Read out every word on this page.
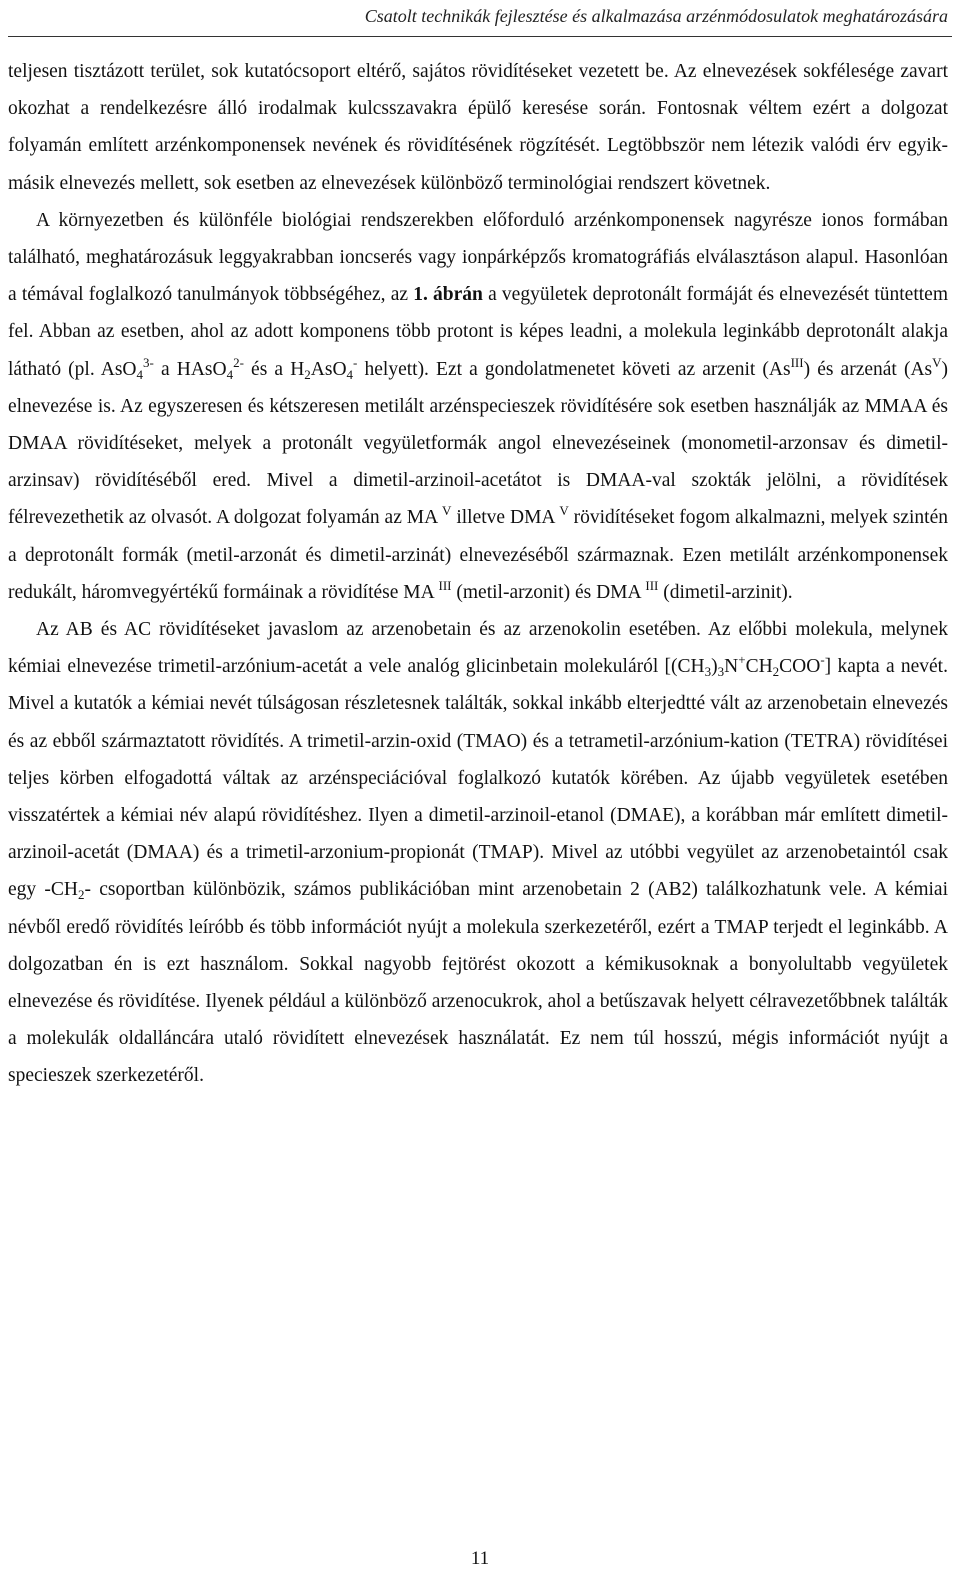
Csatolt technikák fejlesztése és alkalmazása arzénmódosulatok meghatározására

teljesen tisztázott terület, sok kutatócsoport eltérő, sajátos rövidítéseket vezetett be. Az elnevezések sokfélesége zavart okozhat a rendelkezésre álló irodalmak kulcsszavakra épülő keresése során. Fontosnak véltem ezért a dolgozat folyamán említett arzénkomponensek nevének és rövidítésének rögzítését. Legtöbbször nem létezik valódi érv egyik-másik elnevezés mellett, sok esetben az elnevezések különböző terminológiai rendszert követnek.

A környezetben és különféle biológiai rendszerekben előforduló arzénkomponensek nagyrésze ionos formában található, meghatározásuk leggyakrabban ioncserés vagy ionpárképzős kromatográfiás elválasztáson alapul. Hasonlóan a témával foglalkozó tanulmányok többségéhez, az 1. ábrán a vegyületek deprotonált formáját és elnevezését tüntettem fel. Abban az esetben, ahol az adott komponens több protont is képes leadni, a molekula leginkább deprotonált alakja látható (pl. AsO$_4^{3-}$ a HAsO$_4^{2-}$ és a $H_2AsO_4^-$ helyett). Ezt a gondolatmenetet követi az arzenit $(As^{III})$ és arzenát $(As^V)$ elnevezése is. Az egyszeresen és kétszeresen metilált arzénspecieszek rövidítésére sok esetben használják az MMAA és DMAA rövidítéseket, melyek a protonált vegyületformák angol elnevezéseinek (monometil-arzonsav és dimetil-arzinsav) rövidítéséből ered. Mivel a dimetil-arzinoil-acetátot is DMAA-val szokták jelölni, a rövidítések félrevezethetik az olvasót. A dolgozat folyamán az MA $^V$ illetve DMA $^V$ rövidítéseket fogom alkalmazni, melyek szintén a deprotonált formák (metil-arzonát és dimetil-arzinát) elnevezéséből származnak. Ezen metilált arzénkomponensek redukált, háromvegyértékű formáinak a rövidítése MA $^{III}$ (metil-arzonit) és DMA $^{III}$ (dimetil-arzinit).

Az AB és AC rövidítéseket javaslom az arzenobetain és az arzenokolin esetében. Az előbbi molekula, melynek kémiai elnevezése trimetil-arzónium-acetát a vele analóg glicinbetain molekuláról $[(CH_3)_3N^+CH_2COO^-]$ kapta a nevét. Mivel a kutatók a kémiai nevét túlságosan részletesnek találták, sokkal inkább elterjedtté vált az arzenobetain elnevezés és az ebből származtatott rövidítés. A trimetil-arzin-oxid (TMAO) és a tetrametil-arzónium-kation (TETRA) rövidítései teljes körben elfogadottá váltak az arzénspeciációval foglalkozó kutatók körében. Az újabb vegyületek esetében visszatértek a kémiai név alapú rövidítéshez. Ilyen a dimetil-arzinoil-etanol (DMAE), a korábban már említett dimetil-arzinoil-acetát (DMAA) és a trimetil-arzonium-propionát (TMAP). Mivel az utóbbi vegyület az arzenobetaintól csak egy $-CH_2-$ csoportban különbözik, számos publikációban mint arzenobetain 2 (AB2) találkozhatunk vele. A kémiai névből eredő rövidítés leíróbb és több információt nyújt a molekula szerkezetéről, ezért a TMAP terjedt el leginkább. A dolgozatban én is ezt használom. Sokkal nagyobb fejtörést okozott a kémikusoknak a bonyolultabb vegyületek elnevezése és rövidítése. Ilyenek például a különböző arzenocukrok, ahol a betűszavak helyett célravezetőbbnek találták a molekulák oldalláncára utaló rövidített elnevezések használatát. Ez nem túl hosszú, mégis információt nyújt a specieszek szerkezetéről.

11
